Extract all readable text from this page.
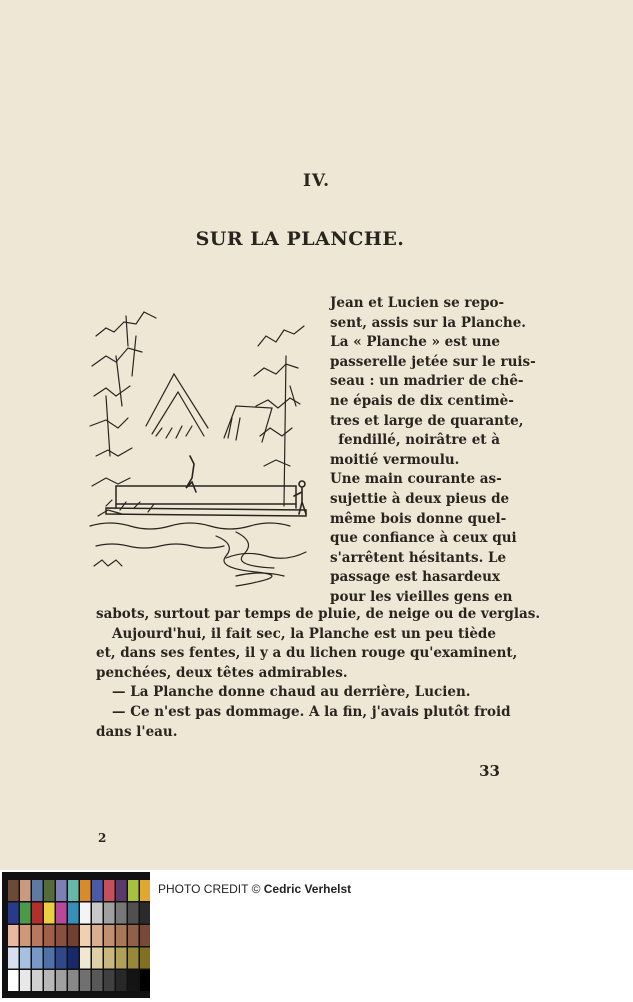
IV.
SUR LA PLANCHE.
Jean et Lucien se repo-
sent, assis sur la Planche.
La « Planche » est une
passerelle jetée sur le ruis-
seau : un madrier de chê-
ne épais de dix centimè-
tres et large de quarante,
fendillé, noirâtre et à
moitié vermoulu.
Une main courante as-
sujettie à deux pieus de
même bois donne quel-
que confiance à ceux qui
s'arrêtent hésitants. Le
passage est hasardeux
pour les vieilles gens en
sabots, surtout par temps de pluie, de neige ou de verglas.
Aujourd'hui, il fait sec, la Planche est un peu tiède
et, dans ses fentes, il y a du lichen rouge qu'examinent,
penchées, deux têtes admirables.
— La Planche donne chaud au derrière, Lucien.
— Ce n'est pas dommage. A la fin, j'avais plutôt froid
dans l'eau.
33
2
PHOTO CREDIT © Cedric Verhelst
